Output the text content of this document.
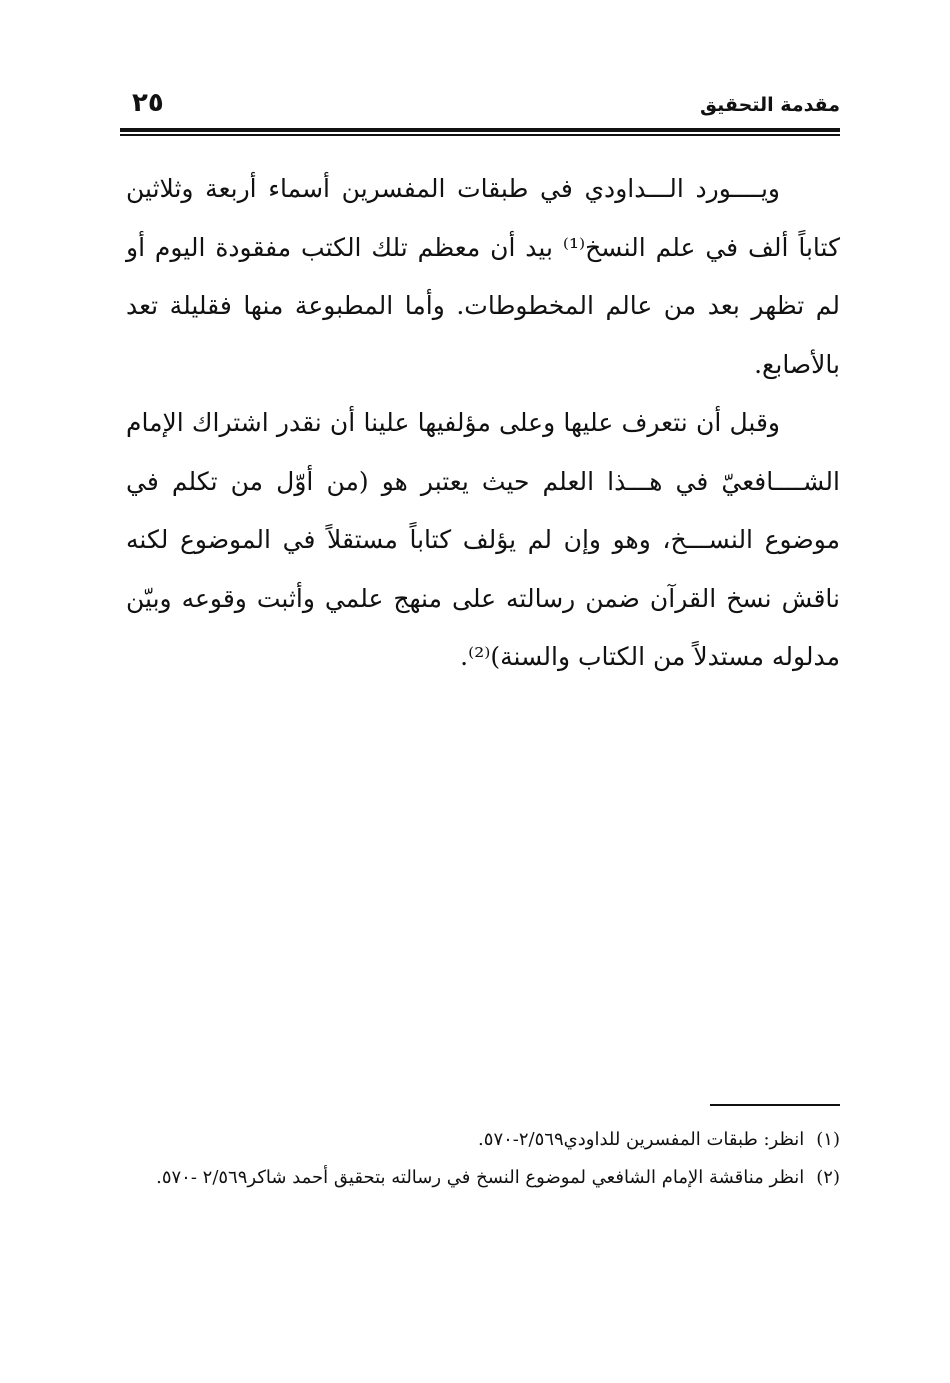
مقدمة التحقيق
٢٥

ويــــورد الـــداودي في طبقات المفسرين أسماء أربعة وثلاثين كتاباً ألف في علم النسخ⁽¹⁾ بيد أن معظم تلك الكتب مفقودة اليوم أو لم تظهر بعد من عالم المخطوطات. وأما المطبوعة منها فقليلة تعد بالأصابع.

وقبل أن نتعرف عليها وعلى مؤلفيها علينا أن نقدر اشتراك الإمام الشــــافعيّ في هـــذا العلم حيث يعتبر هو (من أوّل من تكلم في موضوع النســـخ، وهو وإن لم يؤلف كتاباً مستقلاً في الموضوع لكنه ناقش نسخ القرآن ضمن رسالته على منهج علمي وأثبت وقوعه وبيّن مدلوله مستدلاً من الكتاب والسنة)⁽²⁾.

(١)انظر: طبقات المفسرين للداودي٢/٥٦٩-٥٧٠.

(٢)انظر مناقشة الإمام الشافعي لموضوع النسخ في رسالته بتحقيق أحمد شاكر٢/٥٦٩ -٥٧٠.
